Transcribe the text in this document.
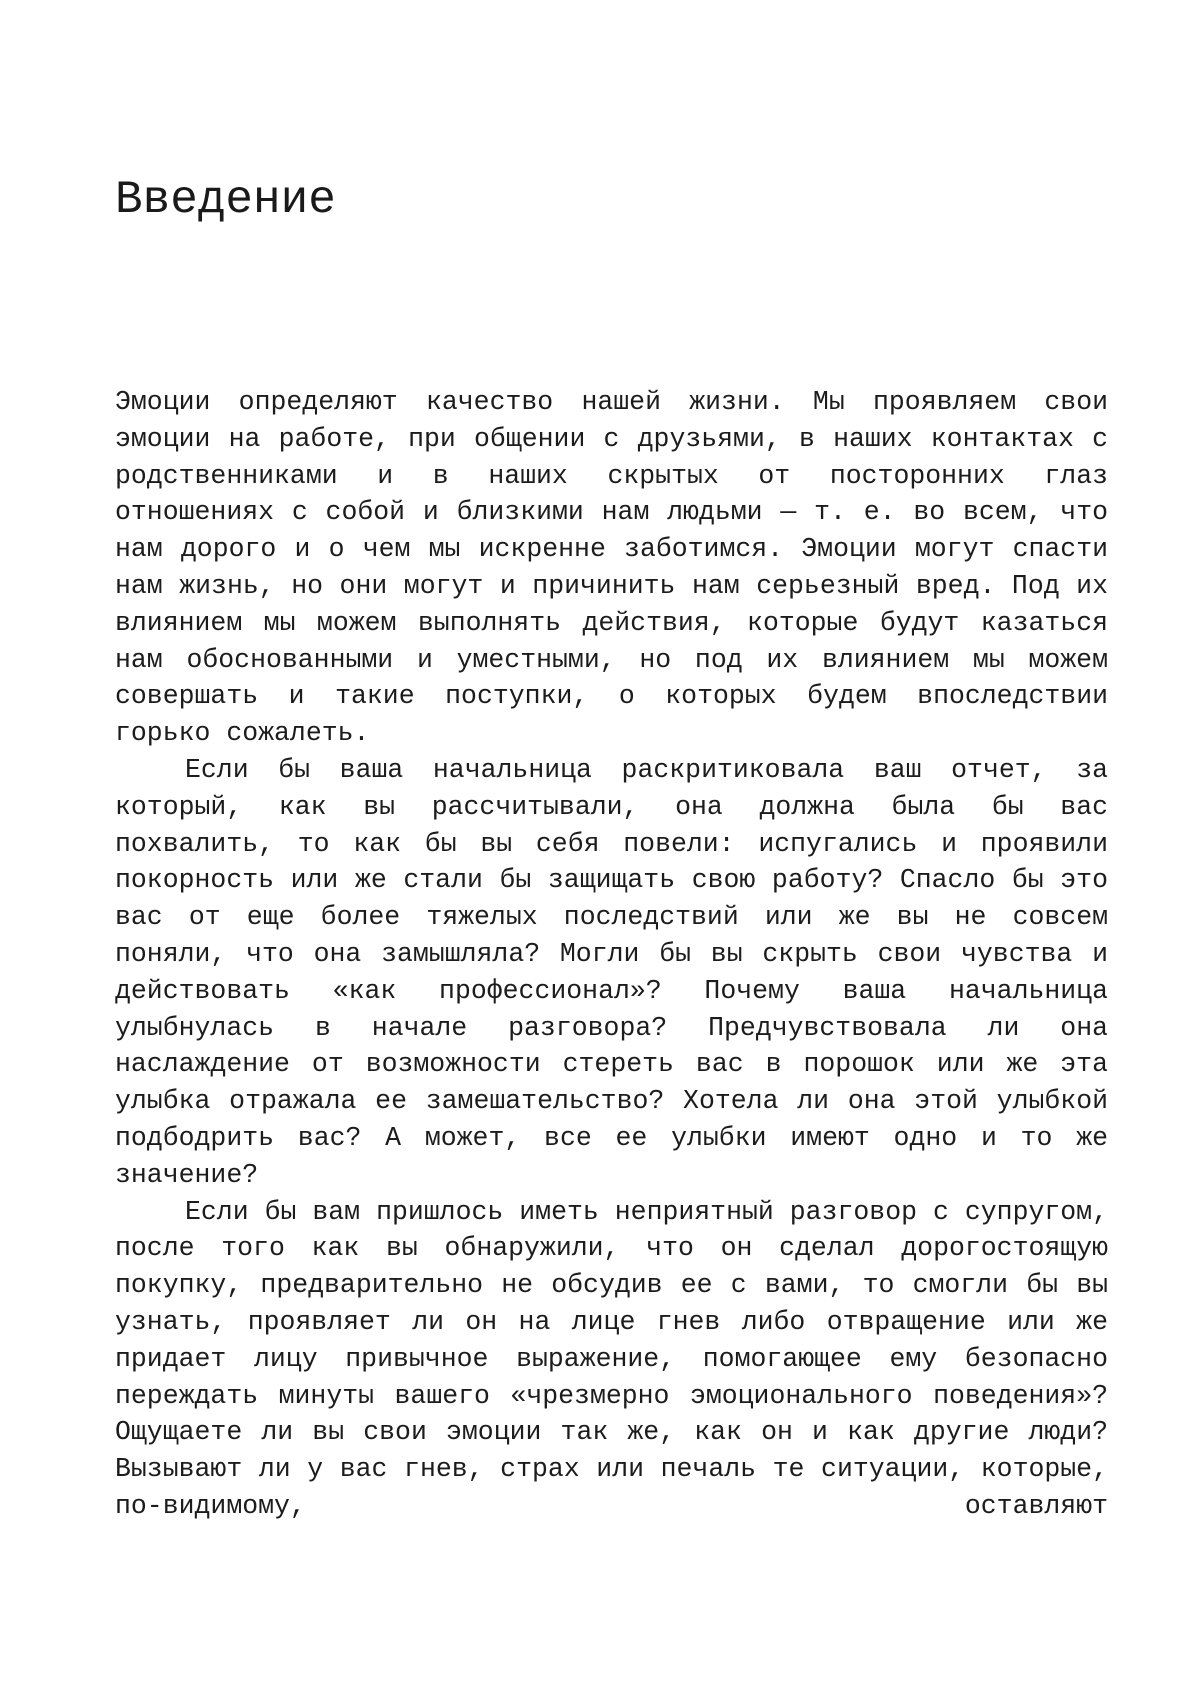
Введение

Эмоции определяют качество нашей жизни. Мы проявляем свои эмоции на работе, при общении с друзьями, в наших контактах с родственниками и в наших скрытых от посторонних глаз отношениях с собой и близкими нам людьми — т. е. во всем, что нам дорого и о чем мы искренне заботимся. Эмоции могут спасти нам жизнь, но они могут и причинить нам серьезный вред. Под их влиянием мы можем выполнять действия, которые будут казаться нам обоснованными и уместными, но под их влиянием мы можем совершать и такие поступки, о которых будем впоследствии горько сожалеть.

Если бы ваша начальница раскритиковала ваш отчет, за который, как вы рассчитывали, она должна была бы вас похвалить, то как бы вы себя повели: испугались и проявили покорность или же стали бы защищать свою работу? Спасло бы это вас от еще более тяжелых последствий или же вы не совсем поняли, что она замышляла? Могли бы вы скрыть свои чувства и действовать «как профессионал»? Почему ваша начальница улыбнулась в начале разговора? Предчувствовала ли она наслаждение от возможности стереть вас в порошок или же эта улыбка отражала ее замешательство? Хотела ли она этой улыбкой подбодрить вас? А может, все ее улыбки имеют одно и то же значение?

Если бы вам пришлось иметь неприятный разговор с супругом, после того как вы обнаружили, что он сделал дорогостоящую покупку, предварительно не обсудив ее с вами, то смогли бы вы узнать, проявляет ли он на лице гнев либо отвращение или же придает лицу привычное выражение, помогающее ему безопасно переждать минуты вашего «чрезмерно эмоционального поведения»? Ощущаете ли вы свои эмоции так же, как он и как другие люди? Вызывают ли у вас гнев, страх или печаль те ситуации, которые, по-видимому, оставляют
